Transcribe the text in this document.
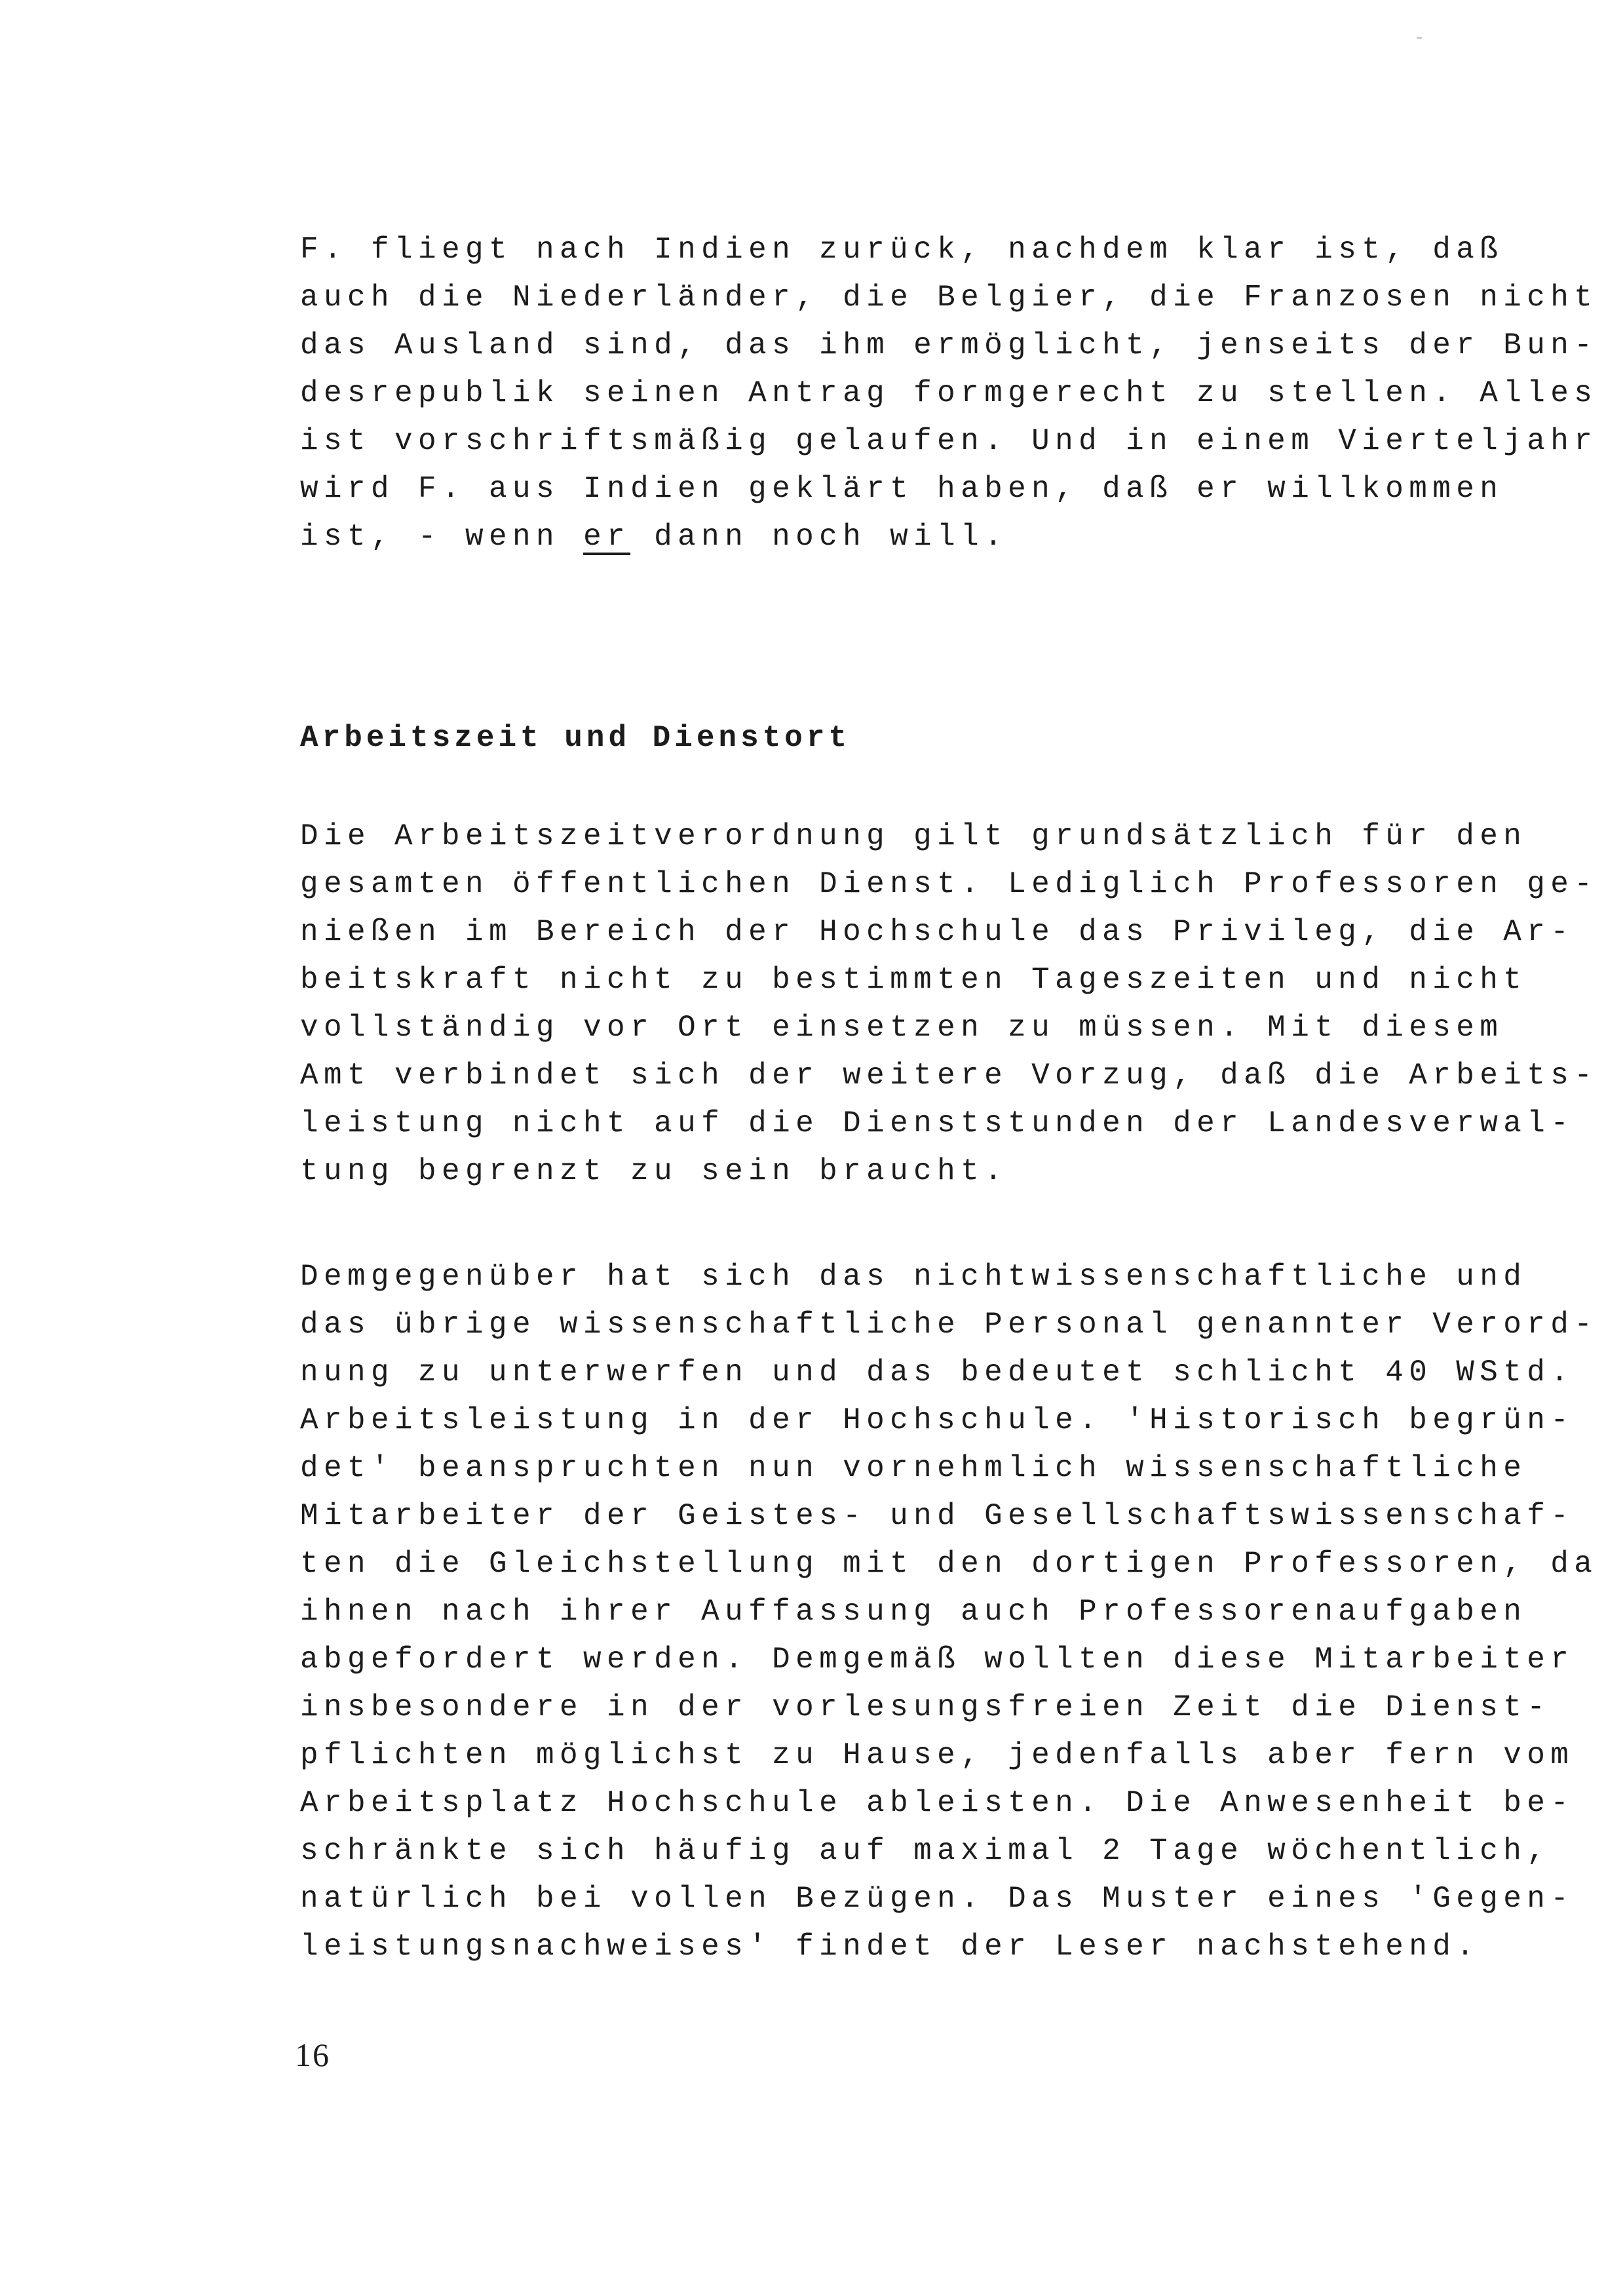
F. fliegt nach Indien zurück, nachdem klar ist, daß
auch die Niederländer, die Belgier, die Franzosen nicht
das Ausland sind, das ihm ermöglicht, jenseits der Bun-
desrepublik seinen Antrag formgerecht zu stellen. Alles
ist vorschriftsmäßig gelaufen. Und in einem Vierteljahr
wird F. aus Indien geklärt haben, daß er willkommen
ist, - wenn er dann noch will.
Arbeitszeit und Dienstort
Die Arbeitszeitverordnung gilt grundsätzlich für den
gesamten öffentlichen Dienst. Lediglich Professoren ge-
nießen im Bereich der Hochschule das Privileg, die Ar-
beitskraft nicht zu bestimmten Tageszeiten und nicht
vollständig vor Ort einsetzen zu müssen. Mit diesem
Amt verbindet sich der weitere Vorzug, daß die Arbeits-
leistung nicht auf die Dienststunden der Landesverwal-
tung begrenzt zu sein braucht.
Demgegenüber hat sich das nichtwissenschaftliche und
das übrige wissenschaftliche Personal genannter Verord-
nung zu unterwerfen und das bedeutet schlicht 40 WStd.
Arbeitsleistung in der Hochschule. 'Historisch begrün-
det' beanspruchten nun vornehmlich wissenschaftliche
Mitarbeiter der Geistes- und Gesellschaftswissenschaf-
ten die Gleichstellung mit den dortigen Professoren, da
ihnen nach ihrer Auffassung auch Professorenaufgaben
abgefordert werden. Demgemäß wollten diese Mitarbeiter
insbesondere in der vorlesungsfreien Zeit die Dienst-
pflichten möglichst zu Hause, jedenfalls aber fern vom
Arbeitsplatz Hochschule ableisten. Die Anwesenheit be-
schränkte sich häufig auf maximal 2 Tage wöchentlich,
natürlich bei vollen Bezügen. Das Muster eines 'Gegen-
leistungsnachweises' findet der Leser nachstehend.
16
